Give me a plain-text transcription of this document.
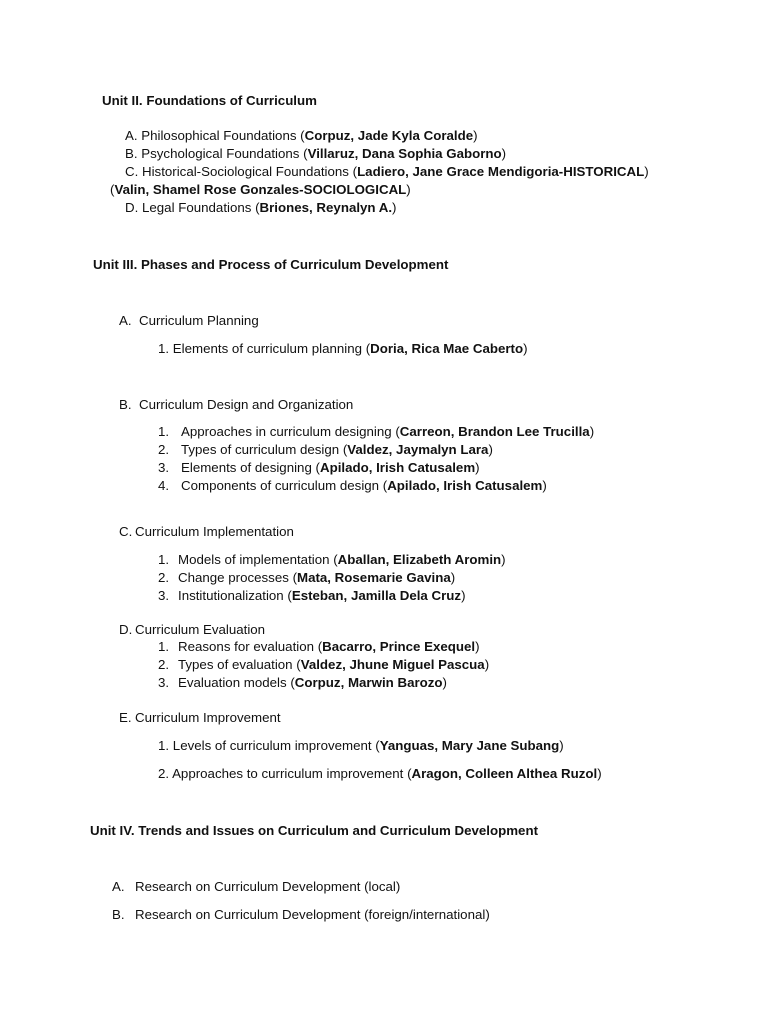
Unit II. Foundations of Curriculum
A. Philosophical Foundations (Corpuz, Jade Kyla Coralde)
B. Psychological Foundations (Villaruz, Dana Sophia Gaborno)
C. Historical-Sociological Foundations (Ladiero, Jane Grace Mendigoria-HISTORICAL)
(Valin, Shamel Rose Gonzales-SOCIOLOGICAL)
D. Legal Foundations (Briones, Reynalyn A.)
Unit III. Phases and Process of Curriculum Development
A. Curriculum Planning
1. Elements of curriculum planning (Doria, Rica Mae Caberto)
B. Curriculum Design and Organization
1. Approaches in curriculum designing (Carreon, Brandon Lee Trucilla)
2. Types of curriculum design (Valdez, Jaymalyn Lara)
3. Elements of designing (Apilado, Irish Catusalem)
4. Components of curriculum design (Apilado, Irish Catusalem)
C. Curriculum Implementation
1. Models of implementation (Aballan, Elizabeth Aromin)
2. Change processes (Mata, Rosemarie Gavina)
3. Institutionalization (Esteban, Jamilla Dela Cruz)
D. Curriculum Evaluation
1. Reasons for evaluation (Bacarro, Prince Exequel)
2. Types of evaluation (Valdez, Jhune Miguel Pascua)
3. Evaluation models (Corpuz, Marwin Barozo)
E. Curriculum Improvement
1. Levels of curriculum improvement (Yanguas, Mary Jane Subang)
2. Approaches to curriculum improvement (Aragon, Colleen Althea Ruzol)
Unit IV. Trends and Issues on Curriculum and Curriculum Development
A. Research on Curriculum Development (local)
B. Research on Curriculum Development (foreign/international)
